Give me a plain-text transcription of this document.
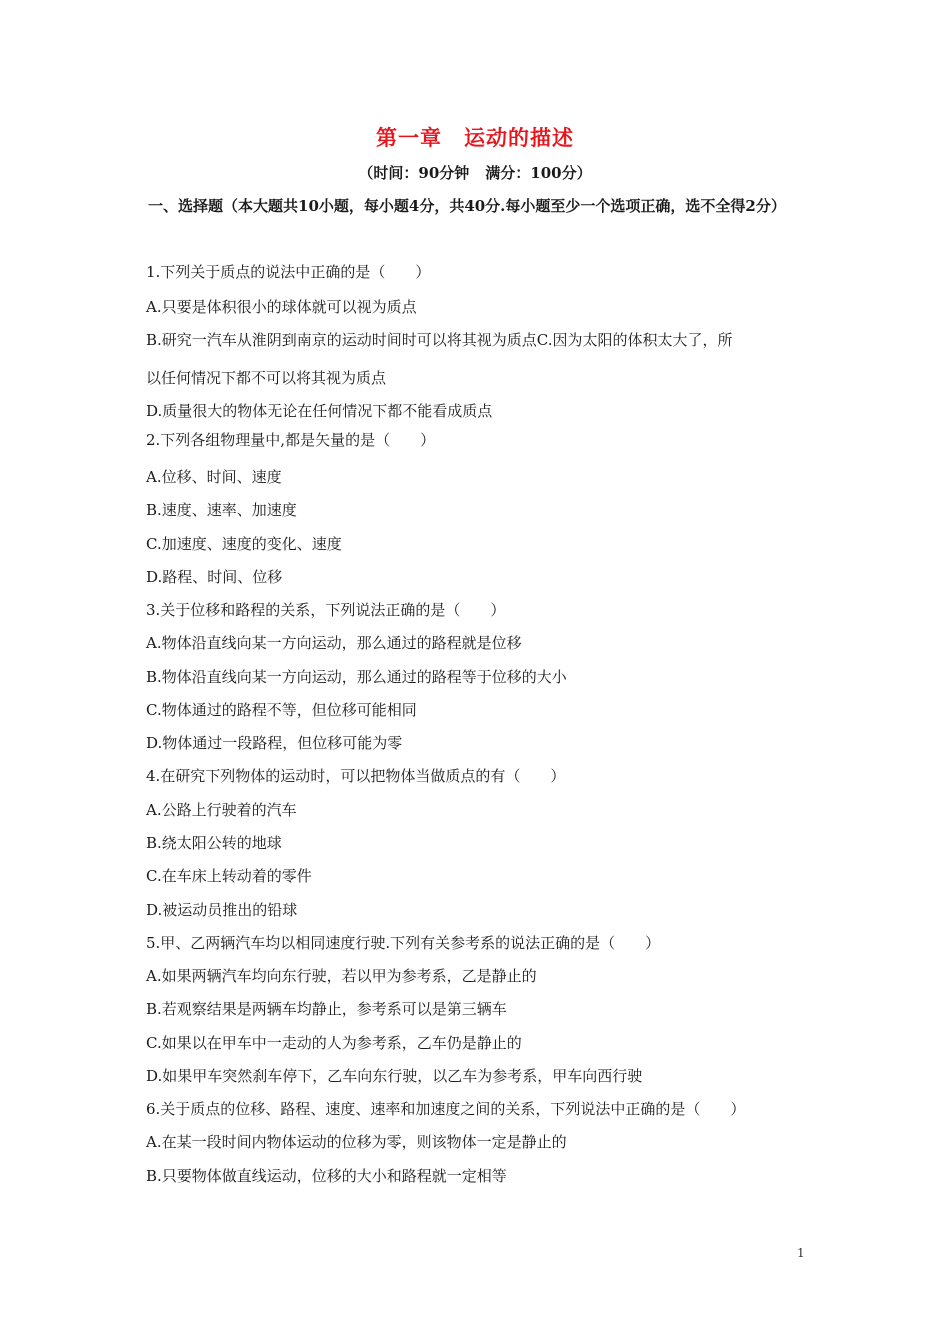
第一章 运动的描述
（时间：90分钟 满分：100分）
一、选择题（本大题共10小题，每小题4分，共40分.每小题至少一个选项正确，选不全得2分）
1.下列关于质点的说法中正确的是（　　）
A.只要是体积很小的球体就可以视为质点
B.研究一汽车从淮阴到南京的运动时间时可以将其视为质点C.因为太阳的体积太大了，所
以任何情况下都不可以将其视为质点
D.质量很大的物体无论在任何情况下都不能看成质点
2.下列各组物理量中,都是矢量的是（　　）
A.位移、时间、速度
B.速度、速率、加速度
C.加速度、速度的变化、速度
D.路程、时间、位移
3.关于位移和路程的关系，下列说法正确的是（　　）
A.物体沿直线向某一方向运动，那么通过的路程就是位移
B.物体沿直线向某一方向运动，那么通过的路程等于位移的大小
C.物体通过的路程不等，但位移可能相同
D.物体通过一段路程，但位移可能为零
4.在研究下列物体的运动时，可以把物体当做质点的有（　　）
A.公路上行驶着的汽车
B.绕太阳公转的地球
C.在车床上转动着的零件
D.被运动员推出的铅球
5.甲、乙两辆汽车均以相同速度行驶.下列有关参考系的说法正确的是（　　）
A.如果两辆汽车均向东行驶，若以甲为参考系，乙是静止的
B.若观察结果是两辆车均静止，参考系可以是第三辆车
C.如果以在甲车中一走动的人为参考系，乙车仍是静止的
D.如果甲车突然刹车停下，乙车向东行驶，以乙车为参考系，甲车向西行驶
6.关于质点的位移、路程、速度、速率和加速度之间的关系，下列说法中正确的是（　　）
A.在某一段时间内物体运动的位移为零，则该物体一定是静止的
B.只要物体做直线运动，位移的大小和路程就一定相等
1
